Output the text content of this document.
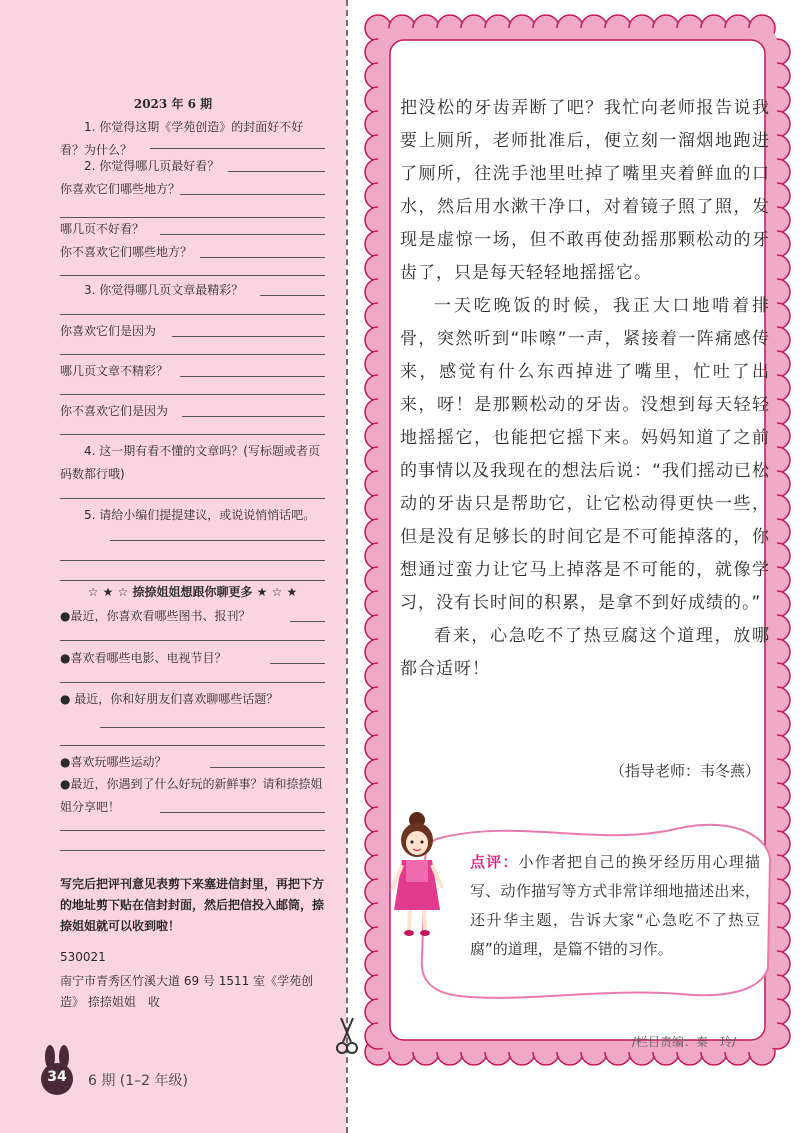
2023 年 6 期
1. 你觉得这期《学苑创造》的封面好不好看？为什么？
2. 你觉得哪几页最好看？
你喜欢它们哪些地方？
哪几页不好看？
你不喜欢它们哪些地方？
3. 你觉得哪几页文章最精彩？
你喜欢它们是因为
哪几页文章不精彩？
你不喜欢它们是因为
4. 这一期有看不懂的文章吗？(写标题或者页码数都行哦)
5. 请给小编们提提建议，或说说悄悄话吧。
☆ ★ ☆ 捺捺姐姐想跟你聊更多 ★ ☆ ★
●最近，你喜欢看哪些图书、报刊？
●喜欢看哪些电影、电视节目？
● 最近，你和好朋友们喜欢聊哪些话题？
●喜欢玩哪些运动？
●最近，你遇到了什么好玩的新鲜事？请和捺捺姐姐分享吧！
写完后把评刊意见表剪下来塞进信封里，再把下方的地址剪下贴在信封封面，然后把信投入邮筒，捺捺姐姐就可以收到啦！
530021
南宁市青秀区竹溪大道 69 号 1511 室《学苑创造》 捺捺姐姐　收
34	6 期 (1–2 年级)

把没松的牙齿弄断了吧？我忙向老师报告说我要上厕所，老师批准后，便立刻一溜烟地跑进了厕所，往洗手池里吐掉了嘴里夹着鲜血的口水，然后用水漱干净口，对着镜子照了照，发现是虚惊一场，但不敢再使劲摇那颗松动的牙齿了，只是每天轻轻地摇摇它。

一天吃晚饭的时候，我正大口地啃着排骨，突然听到“咔嚓”一声，紧接着一阵痛感传来，感觉有什么东西掉进了嘴里，忙吐了出来，呀！是那颗松动的牙齿。没想到每天轻轻地摇摇它，也能把它摇下来。妈妈知道了之前的事情以及我现在的想法后说：“我们摇动已松动的牙齿只是帮助它，让它松动得更快一些，但是没有足够长的时间它是不可能掉落的，你想通过蛮力让它马上掉落是不可能的，就像学习，没有长时间的积累，是拿不到好成绩的。”

看来，心急吃不了热豆腐这个道理，放哪都合适呀！

（指导老师：韦冬燕）
点评：小作者把自己的换牙经历用心理描写、动作描写等方式非常详细地描述出来，还升华主题，告诉大家“心急吃不了热豆腐”的道理，是篇不错的习作。
/栏目责编：秦　玲/
